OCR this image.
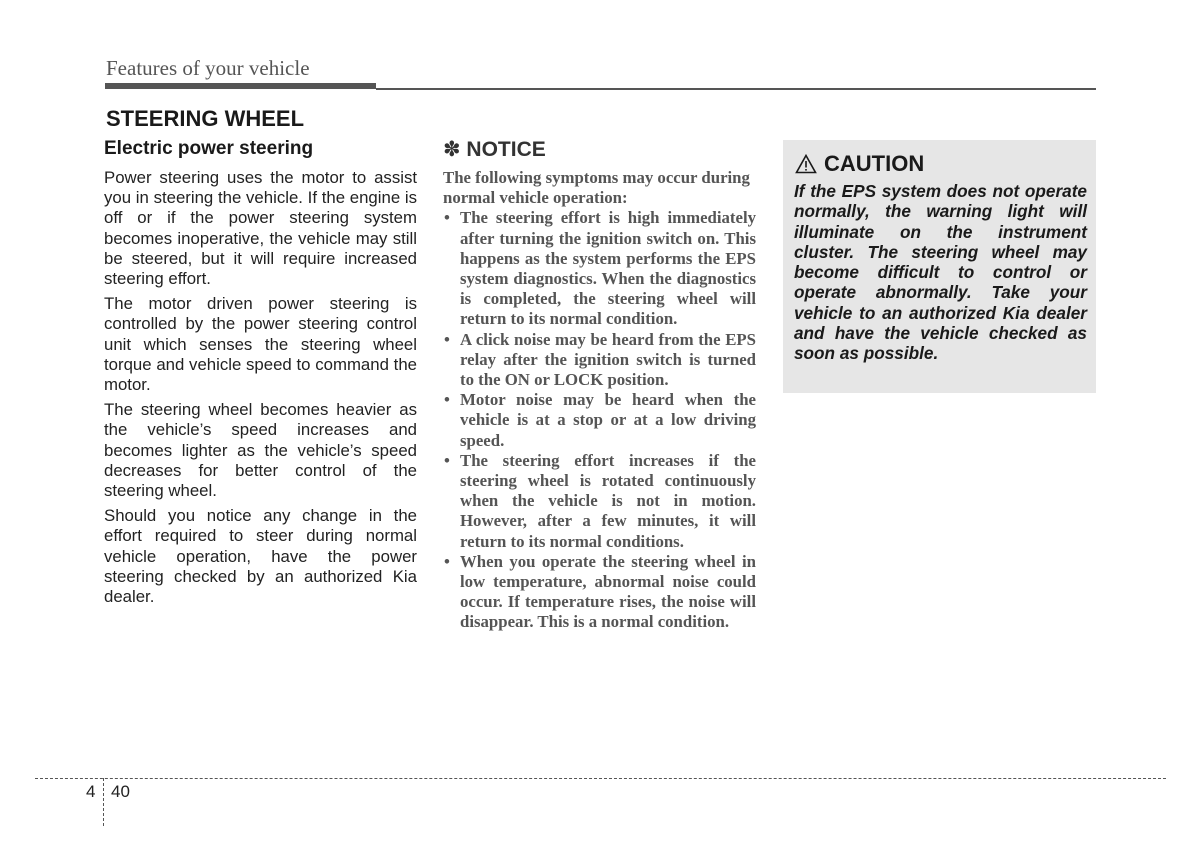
Features of your vehicle
STEERING WHEEL
Electric power steering

Power steering uses the motor to assist you in steering the vehicle. If the engine is off or if the power steering system becomes inoperative, the vehicle may still be steered, but it will require increased steering effort.

The motor driven power steering is controlled by the power steering control unit which senses the steering wheel torque and vehicle speed to command the motor.

The steering wheel becomes heavier as the vehicle’s speed increases and becomes lighter as the vehicle’s speed decreases for better control of the steering wheel.

Should you notice any change in the effort required to steer during normal vehicle operation, have the power steering checked by an authorized Kia dealer.

✽ NOTICE
The following symptoms may occur during normal vehicle operation:
• The steering effort is high immediately after turning the ignition switch on. This happens as the system performs the EPS system diagnostics. When the diagnostics is completed, the steering wheel will return to its normal condition.
• A click noise may be heard from the EPS relay after the ignition switch is turned to the ON or LOCK position.
• Motor noise may be heard when the vehicle is at a stop or at a low driving speed.
• The steering effort increases if the steering wheel is rotated continuously when the vehicle is not in motion. However, after a few minutes, it will return to its normal conditions.
• When you operate the steering wheel in low temperature, abnormal noise could occur. If temperature rises, the noise will disappear. This is a normal condition.
CAUTION

If the EPS system does not operate normally, the warning light will illuminate on the instrument cluster. The steering wheel may become difficult to control or operate abnormally. Take your vehicle to an authorized Kia dealer and have the vehicle checked as soon as possible.

4 40
